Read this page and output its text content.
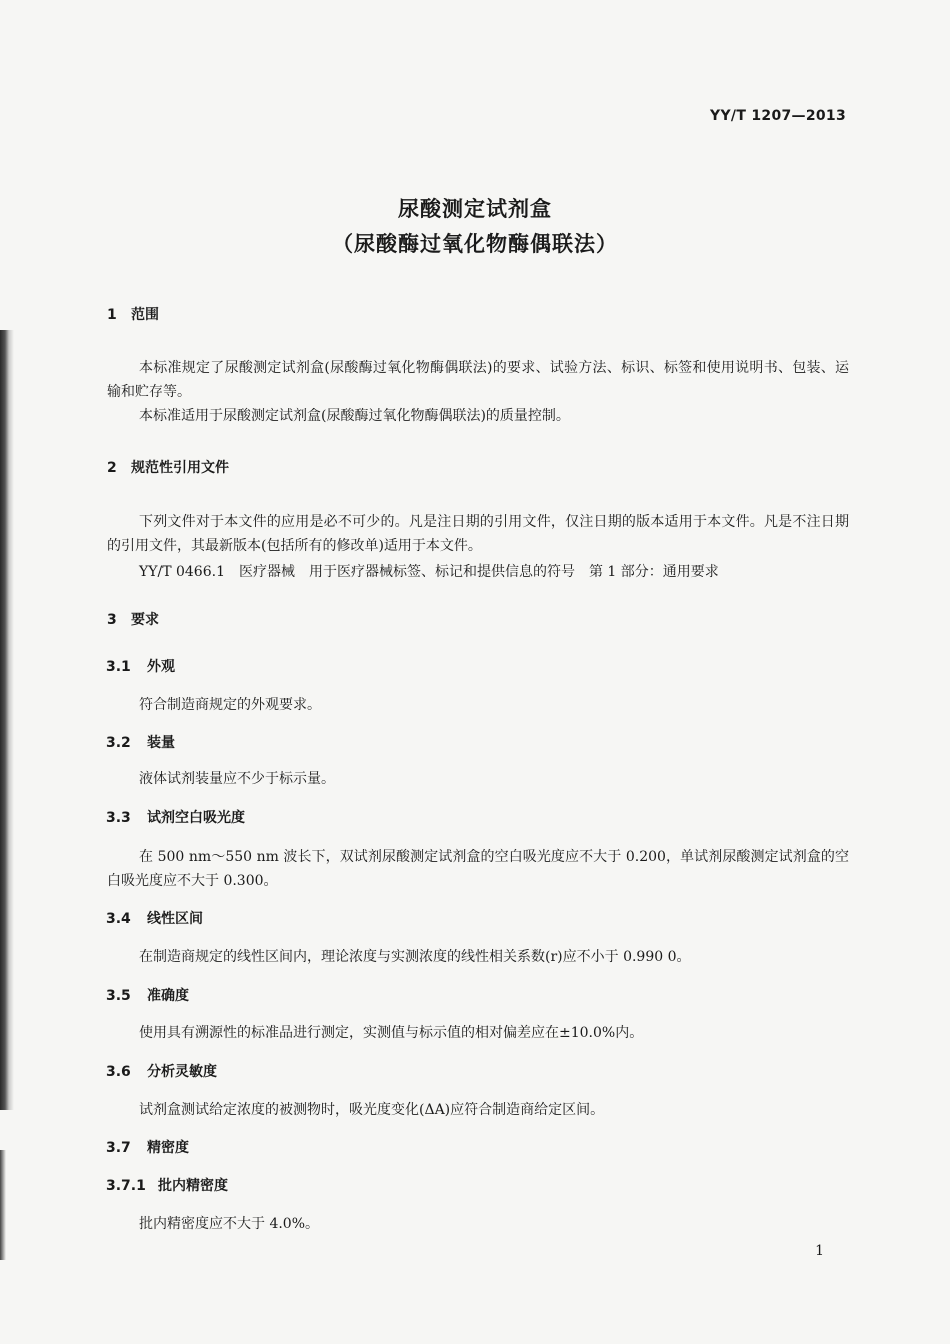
YY/T 1207—2013
尿酸测定试剂盒
（尿酸酶过氧化物酶偶联法）
1 范围
本标准规定了尿酸测定试剂盒(尿酸酶过氧化物酶偶联法)的要求、试验方法、标识、标签和使用说明书、包装、运输和贮存等。
本标准适用于尿酸测定试剂盒(尿酸酶过氧化物酶偶联法)的质量控制。
2 规范性引用文件
下列文件对于本文件的应用是必不可少的。凡是注日期的引用文件，仅注日期的版本适用于本文件。凡是不注日期的引用文件，其最新版本(包括所有的修改单)适用于本文件。
YY/T 0466.1　医疗器械　用于医疗器械标签、标记和提供信息的符号　第 1 部分：通用要求
3 要求
3.1 外观
符合制造商规定的外观要求。
3.2 装量
液体试剂装量应不少于标示量。
3.3 试剂空白吸光度
在 500 nm～550 nm 波长下，双试剂尿酸测定试剂盒的空白吸光度应不大于 0.200，单试剂尿酸测定试剂盒的空白吸光度应不大于 0.300。
3.4 线性区间
在制造商规定的线性区间内，理论浓度与实测浓度的线性相关系数(r)应不小于 0.990 0。
3.5 准确度
使用具有溯源性的标准品进行测定，实测值与标示值的相对偏差应在±10.0%内。
3.6 分析灵敏度
试剂盒测试给定浓度的被测物时，吸光度变化(ΔA)应符合制造商给定区间。
3.7 精密度
3.7.1 批内精密度
批内精密度应不大于 4.0%。
1
